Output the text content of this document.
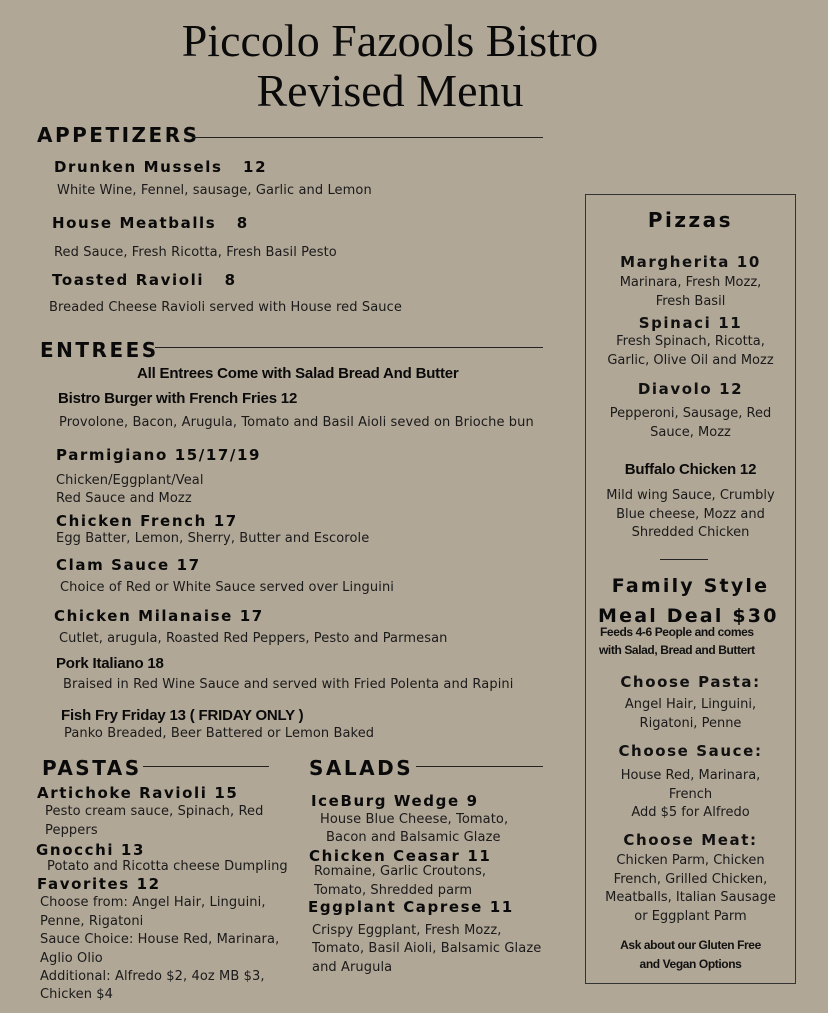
Piccolo Fazools Bistro
Revised Menu
APPETIZERS
Drunken Mussels 12
White Wine, Fennel, sausage, Garlic and Lemon
House Meatballs 8
Red Sauce, Fresh Ricotta, Fresh Basil Pesto
Toasted Ravioli 8
Breaded Cheese Ravioli served with House red Sauce
ENTREES
All Entrees Come with Salad Bread And Butter
Bistro Burger with French Fries 12
Provolone, Bacon, Arugula, Tomato and Basil Aioli seved on Brioche bun
Parmigiano 15/17/19
Chicken/Eggplant/Veal
Red Sauce and Mozz
Chicken French 17
Egg Batter, Lemon, Sherry, Butter and Escorole
Clam Sauce 17
Choice of Red or White Sauce served over Linguini
Chicken Milanaise 17
Cutlet, arugula, Roasted Red Peppers, Pesto and Parmesan
Pork Italiano 18
Braised in Red Wine Sauce and served with Fried Polenta and Rapini
Fish Fry Friday 13 ( FRIDAY ONLY )
Panko Breaded, Beer Battered or Lemon Baked
PASTAS
Artichoke Ravioli 15
Pesto cream sauce, Spinach, Red
Peppers
Gnocchi 13
Potato and Ricotta cheese Dumpling
Favorites 12
Choose from: Angel Hair, Linguini,
Penne, Rigatoni
Sauce Choice: House Red, Marinara,
Aglio Olio
Additional: Alfredo $2, 4oz MB $3,
Chicken $4
SALADS
IceBurg Wedge 9
House Blue Cheese, Tomato,
Bacon and Balsamic Glaze
Chicken Ceasar 11
Romaine, Garlic Croutons,
Tomato, Shredded parm
Eggplant Caprese 11
Crispy Eggplant, Fresh Mozz,
Tomato, Basil Aioli, Balsamic Glaze
and Arugula
Pizzas
Margherita 10
Marinara, Fresh Mozz,
Fresh Basil
Spinaci 11
Fresh Spinach, Ricotta,
Garlic, Olive Oil and Mozz
Diavolo 12
Pepperoni, Sausage, Red
Sauce, Mozz
Buffalo Chicken 12
Mild wing Sauce, Crumbly
Blue cheese, Mozz and
Shredded Chicken
Family Style
Meal Deal $30
Feeds 4-6 People and comes
with Salad, Bread and Buttert
Choose Pasta:
Angel Hair, Linguini,
Rigatoni, Penne
Choose Sauce:
House Red, Marinara,
French
Add $5 for Alfredo
Choose Meat:
Chicken Parm, Chicken
French, Grilled Chicken,
Meatballs, Italian Sausage
or Eggplant Parm
Ask about our Gluten Free
and Vegan Options
